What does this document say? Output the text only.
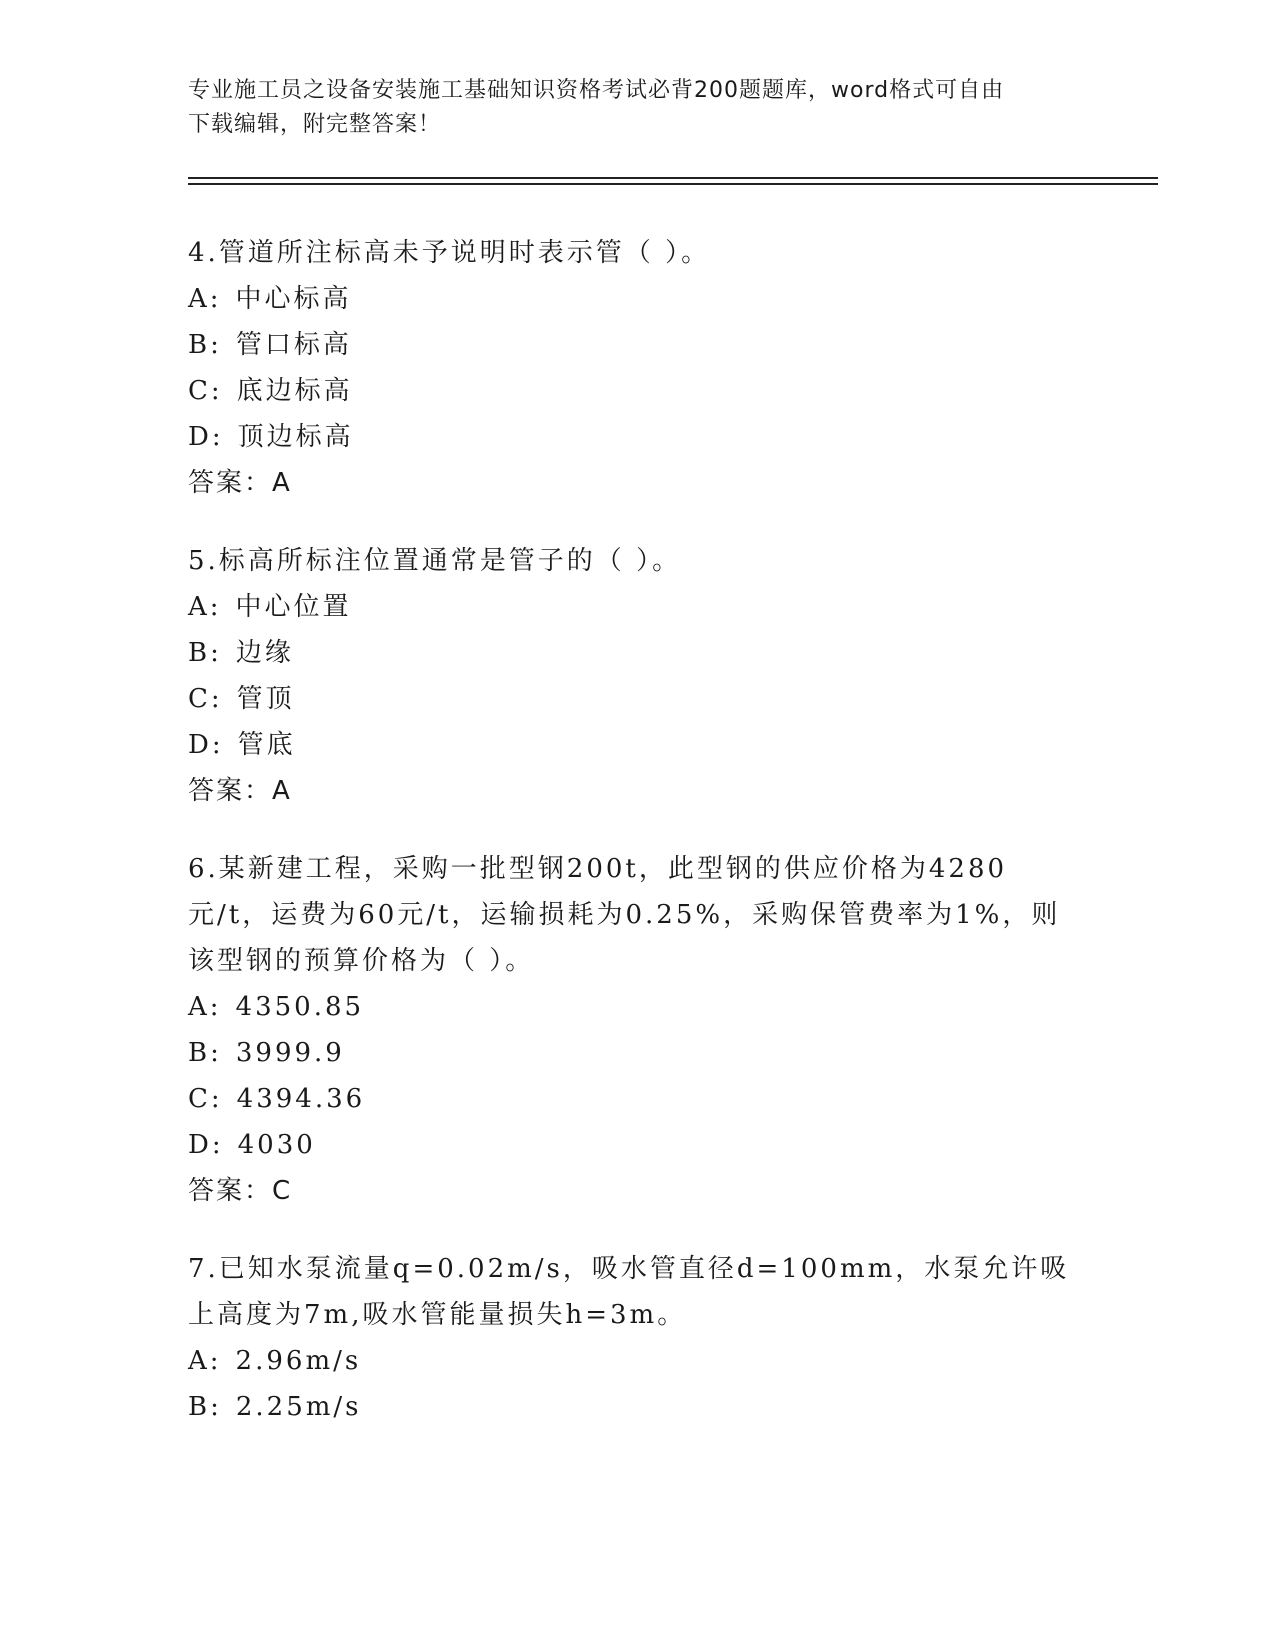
专业施工员之设备安装施工基础知识资格考试必背200题题库，word格式可自由
下载编辑，附完整答案！

4.管道所注标高未予说明时表示管（ ）。

A: 中心标高

B: 管口标高

C: 底边标高

D: 顶边标高

答案：A

5.标高所标注位置通常是管子的（ ）。

A: 中心位置

B: 边缘

C: 管顶

D: 管底

答案：A

6.某新建工程，采购一批型钢200t，此型钢的供应价格为4280元/t，运费为60元/t，运输损耗为0.25%，采购保管费率为1%，则该型钢的预算价格为（ ）。

A: 4350.85

B: 3999.9

C: 4394.36

D: 4030

答案：C

7.已知水泵流量q=0.02m/s，吸水管直径d=100mm，水泵允许吸上高度为7m,吸水管能量损失h=3m。

A: 2.96m/s

B: 2.25m/s
